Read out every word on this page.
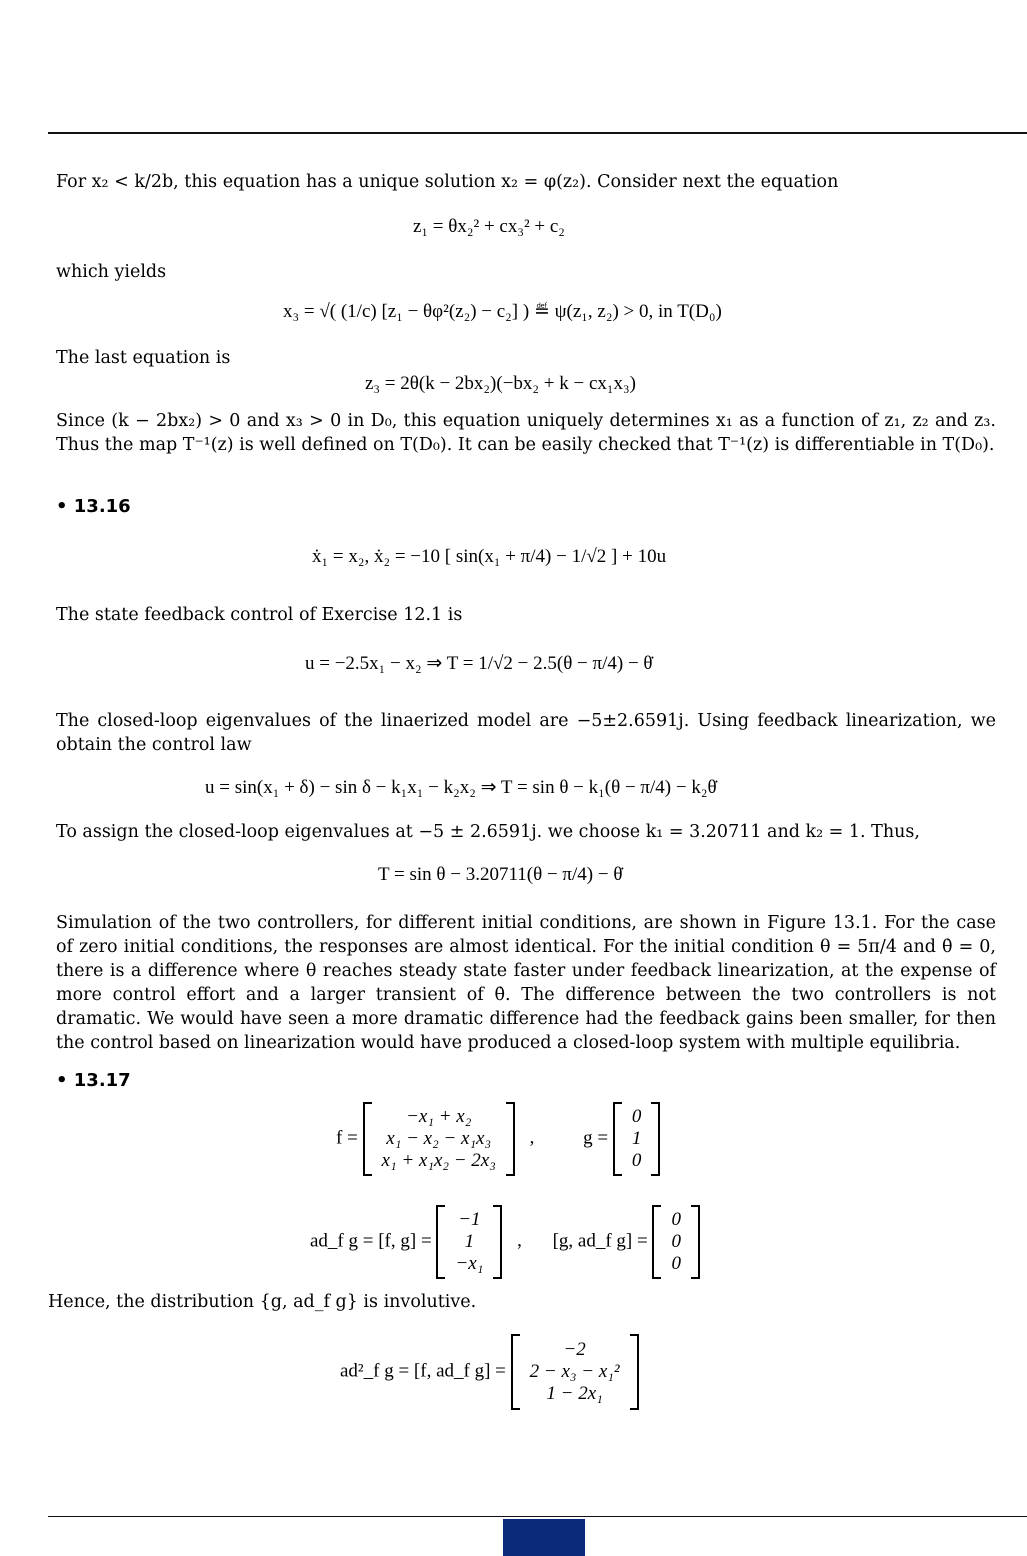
For x₂ < k/2b, this equation has a unique solution x₂ = φ(z₂). Consider next the equation
z₁ = θx₂² + cx₃² + c₂
which yields
x₃ = √( (1/c) [z₁ − θφ²(z₂) − c₂] ) ≝ ψ(z₁, z₂) > 0, in T(D₀)
The last equation is
z₃ = 2θ(k − 2bx₂)(−bx₂ + k − cx₁x₃)
Since (k − 2bx₂) > 0 and x₃ > 0 in D₀, this equation uniquely determines x₁ as a function of z₁, z₂ and z₃. Thus the map T⁻¹(z) is well defined on T(D₀). It can be easily checked that T⁻¹(z) is differentiable in T(D₀).
• 13.16
ẋ₁ = x₂, ẋ₂ = −10 [ sin(x₁ + π/4) − 1/√2 ] + 10u
The state feedback control of Exercise 12.1 is
u = −2.5x₁ − x₂ ⇒ T = 1/√2 − 2.5(θ − π/4) − θ̇
The closed-loop eigenvalues of the linaerized model are −5±2.6591j. Using feedback linearization, we obtain the control law
u = sin(x₁ + δ) − sin δ − k₁x₁ − k₂x₂ ⇒ T = sin θ − k₁(θ − π/4) − k₂θ̇
To assign the closed-loop eigenvalues at −5 ± 2.6591j. we choose k₁ = 3.20711 and k₂ = 1. Thus,
T = sin θ − 3.20711(θ − π/4) − θ̇
Simulation of the two controllers, for different initial conditions, are shown in Figure 13.1. For the case of zero initial conditions, the responses are almost identical. For the initial condition θ = 5π/4 and θ̇ = 0, there is a difference where θ reaches steady state faster under feedback linearization, at the expense of more control effort and a larger transient of θ̇. The difference between the two controllers is not dramatic. We would have seen a more dramatic difference had the feedback gains been smaller, for then the control based on linearization would have produced a closed-loop system with multiple equilibria.
• 13.17
f =
−x₁ + x₂
x₁ − x₂ − x₁x₃
x₁ + x₁x₂ − 2x₃
,	g =
0
1
0
ad_f g = [f, g] =
−1
1
−x₁
, [g, ad_f g] =
0
0
0
Hence, the distribution {g, ad_f g} is involutive.
ad²_f g = [f, ad_f g] =
−2
2 − x₃ − x₁²
1 − 2x₁
